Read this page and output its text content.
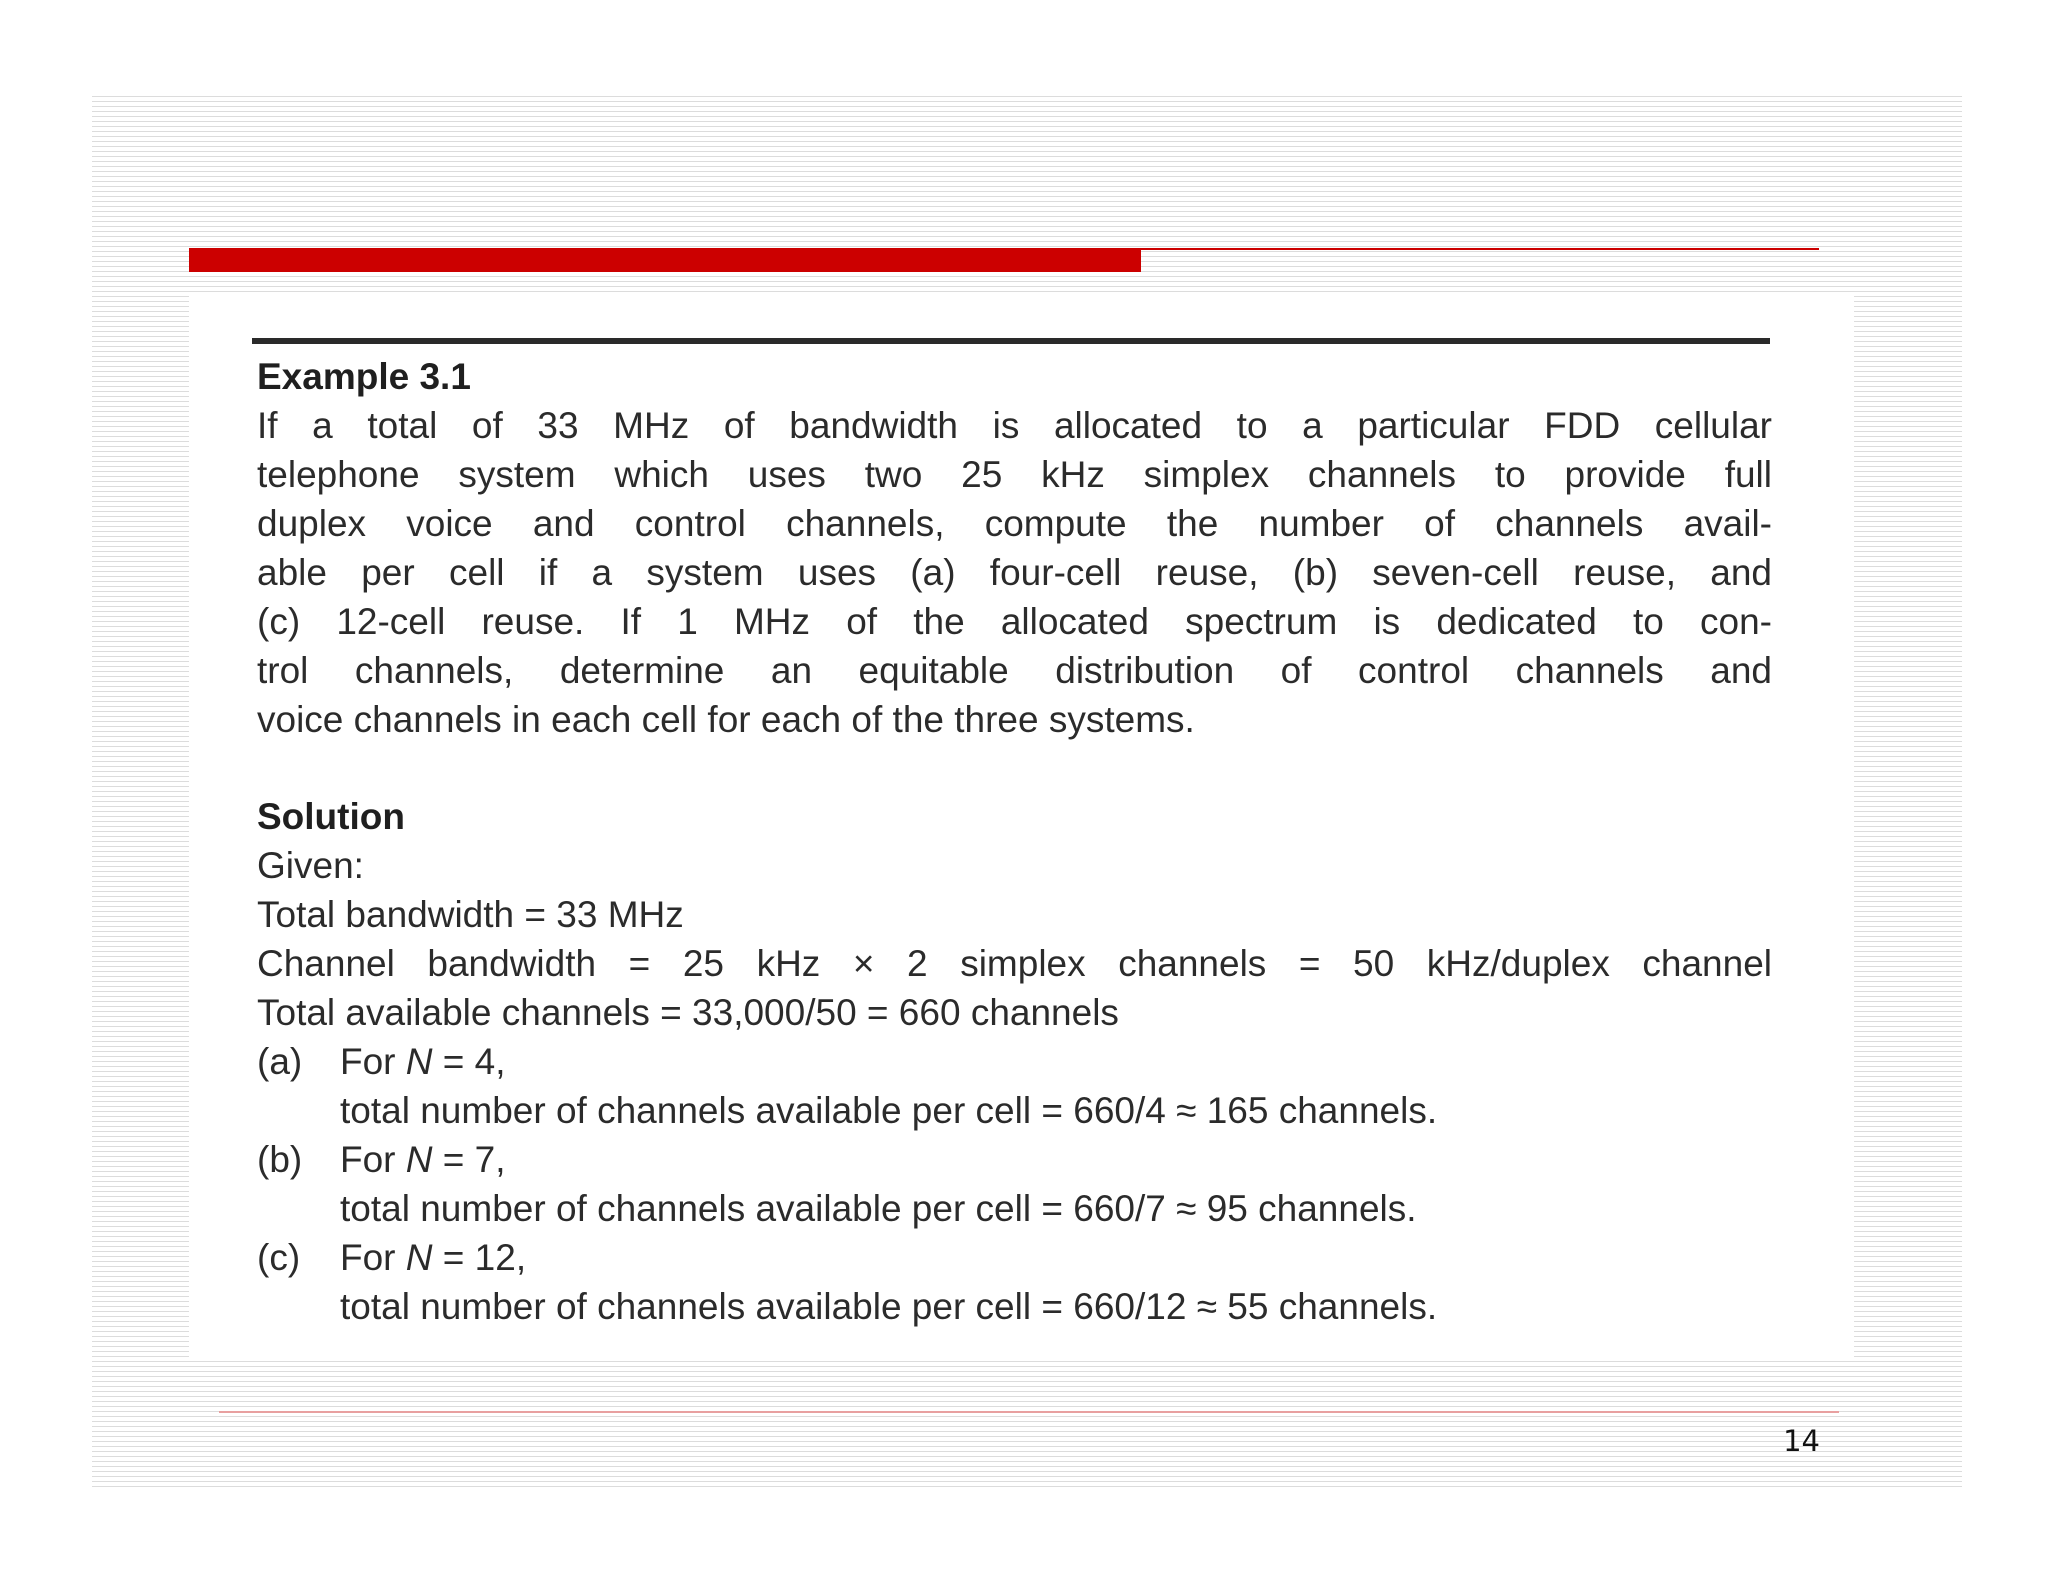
Example 3.1

If a total of 33 MHz of bandwidth is allocated to a particular FDD cellular
telephone system which uses two 25 kHz simplex channels to provide full
duplex voice and control channels, compute the number of channels avail-
able per cell if a system uses (a) four-cell reuse, (b) seven-cell reuse, and
(c) 12-cell reuse. If 1 MHz of the allocated spectrum is dedicated to con-
trol channels, determine an equitable distribution of control channels and
voice channels in each cell for each of the three systems.

Solution

Given:
Total bandwidth = 33 MHz
Channel bandwidth = 25 kHz × 2 simplex channels = 50 kHz/duplex channel
Total available channels = 33,000/50 = 660 channels
(a) For N = 4,
total number of channels available per cell = 660/4 ≈ 165 channels.
(b) For N = 7,
total number of channels available per cell = 660/7 ≈ 95 channels.
(c) For N = 12,
total number of channels available per cell = 660/12 ≈ 55 channels.
14
